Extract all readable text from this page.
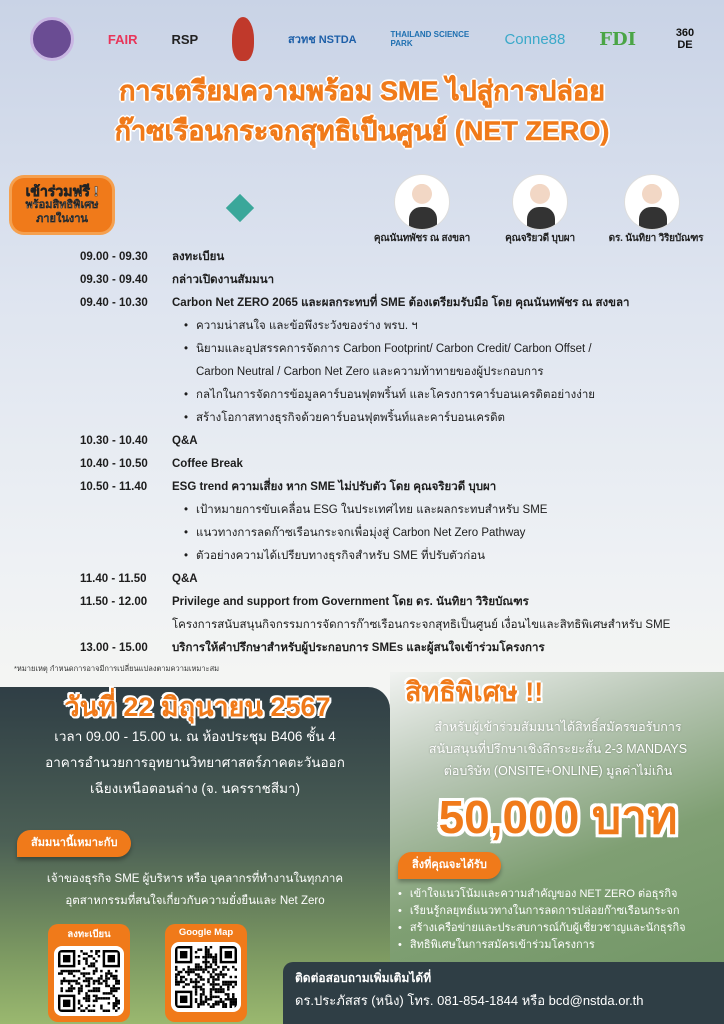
FAIR	RSP	สวทช NSTDA	THAILAND SCIENCE PARK	Conne88 FDI	360 DE
การเตรียมความพร้อม SME ไปสู่การปล่อย
ก๊าซเรือนกระจกสุทธิเป็นศูนย์ (NET ZERO)
เข้าร่วมฟรี !
พร้อมสิทธิพิเศษ
ภายในงาน
คุณนันทพัชร ณ สงขลา	คุณจริยวดี บุบผา	ดร. นันทิยา วิริยบัณฑร
09.00 - 09.30	ลงทะเบียน
09.30 - 09.40	กล่าวเปิดงานสัมมนา
09.40 - 10.30	Carbon Net ZERO 2065 และผลกระทบที่ SME ต้องเตรียมรับมือ โดย คุณนันทพัชร ณ สงขลา
• ความน่าสนใจ และข้อพึงระวังของร่าง พรบ. ฯ
• นิยามและอุปสรรคการจัดการ Carbon Footprint/ Carbon Credit/ Carbon Offset /
Carbon Neutral / Carbon Net Zero และความท้าทายของผู้ประกอบการ
• กลไกในการจัดการข้อมูลคาร์บอนฟุตพริ้นท์ และโครงการคาร์บอนเครดิตอย่างง่าย
• สร้างโอกาสทางธุรกิจด้วยคาร์บอนฟุตพริ้นท์และคาร์บอนเครดิต
10.30 - 10.40	Q&A
10.40 - 10.50	Coffee Break
10.50 - 11.40	ESG trend ความเสี่ยง หาก SME ไม่ปรับตัว โดย คุณจริยวดี บุบผา
• เป้าหมายการขับเคลื่อน ESG ในประเทศไทย และผลกระทบสำหรับ SME
• แนวทางการลดก๊าซเรือนกระจกเพื่อมุ่งสู่ Carbon Net Zero Pathway
• ตัวอย่างความได้เปรียบทางธุรกิจสำหรับ SME ที่ปรับตัวก่อน
11.40 - 11.50	Q&A
11.50 - 12.00	Privilege and support from Government โดย ดร. นันทิยา วิริยบัณฑร
โครงการสนับสนุนกิจกรรมการจัดการก๊าซเรือนกระจกสุทธิเป็นศูนย์ เงื่อนไขและสิทธิพิเศษสำหรับ SME
13.00 - 15.00	บริการให้คำปรึกษาสำหรับผู้ประกอบการ SMEs และผู้สนใจเข้าร่วมโครงการ
*หมายเหตุ กำหนดการอาจมีการเปลี่ยนแปลงตามความเหมาะสม
วันที่ 22 มิถุนายน 2567
เวลา 09.00 - 15.00 น. ณ ห้องประชุม B406 ชั้น 4
อาคารอำนวยการอุทยานวิทยาศาสตร์ภาคตะวันออก
เฉียงเหนือตอนล่าง (จ. นครราชสีมา)
สัมมนานี้เหมาะกับ
เจ้าของธุรกิจ SME ผู้บริหาร หรือ บุคลากรที่ทำงานในทุกภาค
อุตสาหกรรมที่สนใจเกี่ยวกับความยั่งยืนและ Net Zero
ลงทะเบียน	Google Map
สิทธิพิเศษ !!
สำหรับผู้เข้าร่วมสัมมนาได้สิทธิ์สมัครขอรับการ
สนับสนุนที่ปรึกษาเชิงลึกระยะสั้น 2-3 MANDAYS
ต่อบริษัท (ONSITE+ONLINE) มูลค่าไม่เกิน
50,000 บาท
สิ่งที่คุณจะได้รับ
• เข้าใจแนวโน้มและความสำคัญของ NET ZERO ต่อธุรกิจ
• เรียนรู้กลยุทธ์แนวทางในการลดการปล่อยก๊าซเรือนกระจก
• สร้างเครือข่ายและประสบการณ์กับผู้เชี่ยวชาญและนักธุรกิจ
• สิทธิพิเศษในการสมัครเข้าร่วมโครงการ
ติดต่อสอบถามเพิ่มเติมได้ที่
ดร.ประภัสสร (หนิง) โทร. 081-854-1844 หรือ bcd@nstda.or.th
